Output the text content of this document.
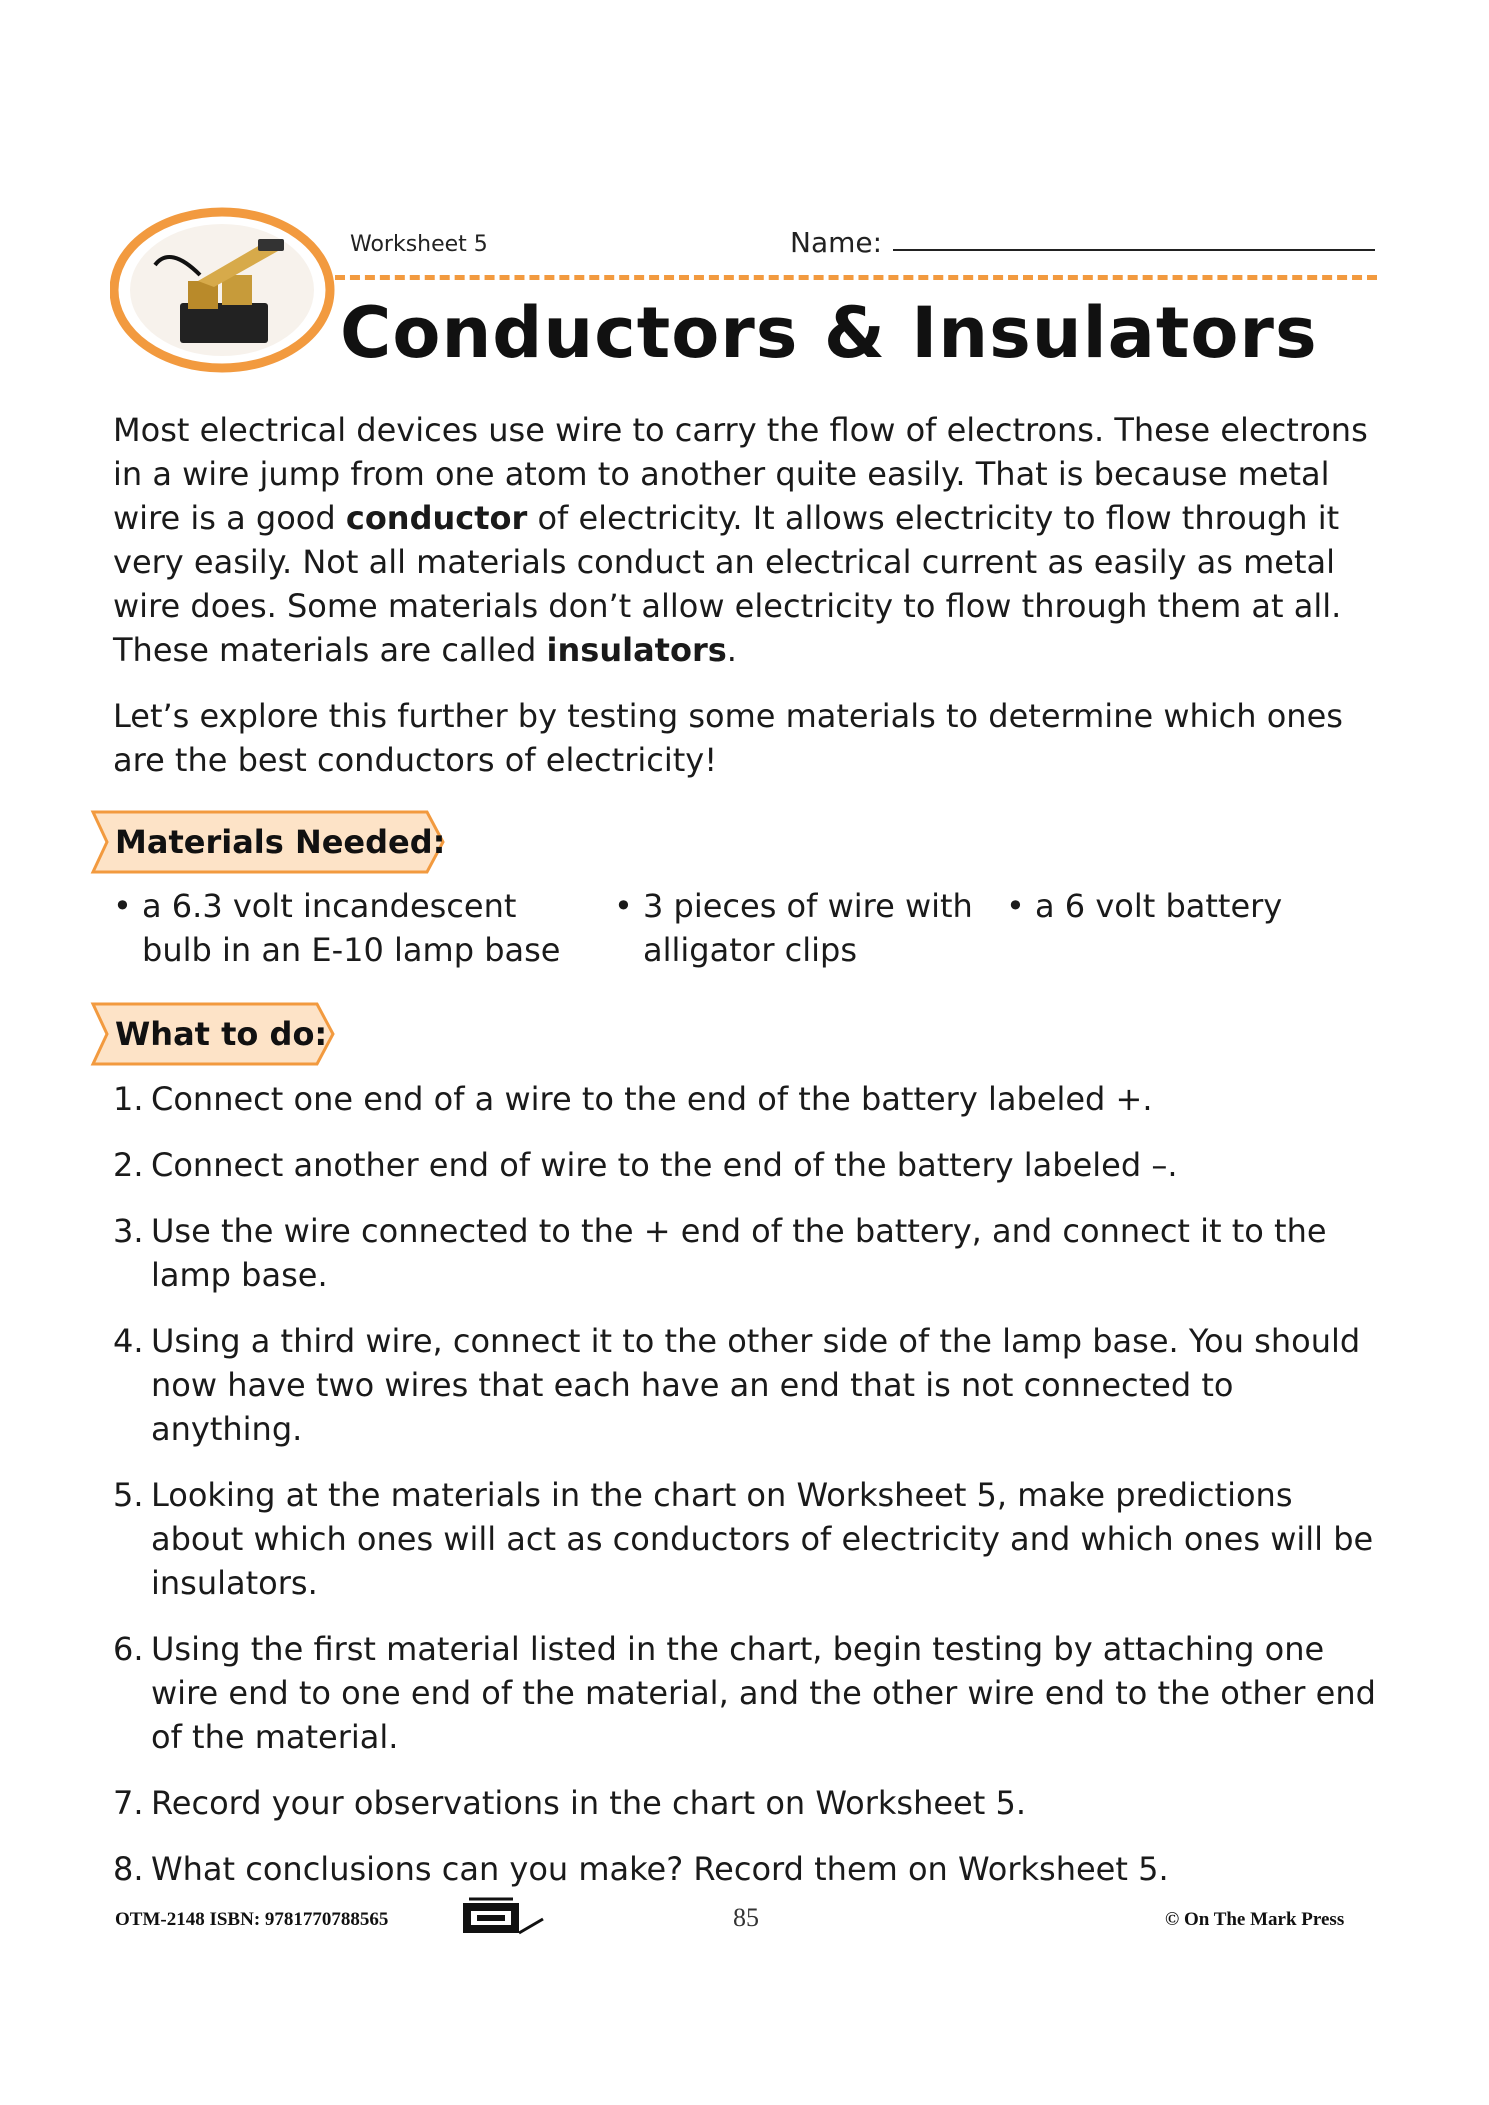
Worksheet 5	Name:
Conductors & Insulators

Most electrical devices use wire to carry the flow of electrons. These electrons in a wire jump from one atom to another quite easily. That is because metal wire is a good conductor of electricity. It allows electricity to flow through it very easily. Not all materials conduct an electrical current as easily as metal wire does. Some materials don’t allow electricity to flow through them at all. These materials are called insulators.

Let’s explore this further by testing some materials to determine which ones are the best conductors of electricity!

Materials Needed:
• a 6.3 volt incandescent bulb in an E-10 lamp base
• 3 pieces of wire with alligator clips
• a 6 volt battery
What to do:
1. Connect one end of a wire to the end of the battery labeled +.
2. Connect another end of wire to the end of the battery labeled –.
3. Use the wire connected to the + end of the battery, and connect it to the lamp base.
4. Using a third wire, connect it to the other side of the lamp base. You should now have two wires that each have an end that is not connected to anything.
5. Looking at the materials in the chart on Worksheet 5, make predictions about which ones will act as conductors of electricity and which ones will be insulators.
6. Using the first material listed in the chart, begin testing by attaching one wire end to one end of the material, and the other wire end to the other end of the material.
7. Record your observations in the chart on Worksheet 5.
8. What conclusions can you make? Record them on Worksheet 5.
OTM-2148 ISBN: 9781770788565	85	© On The Mark Press
